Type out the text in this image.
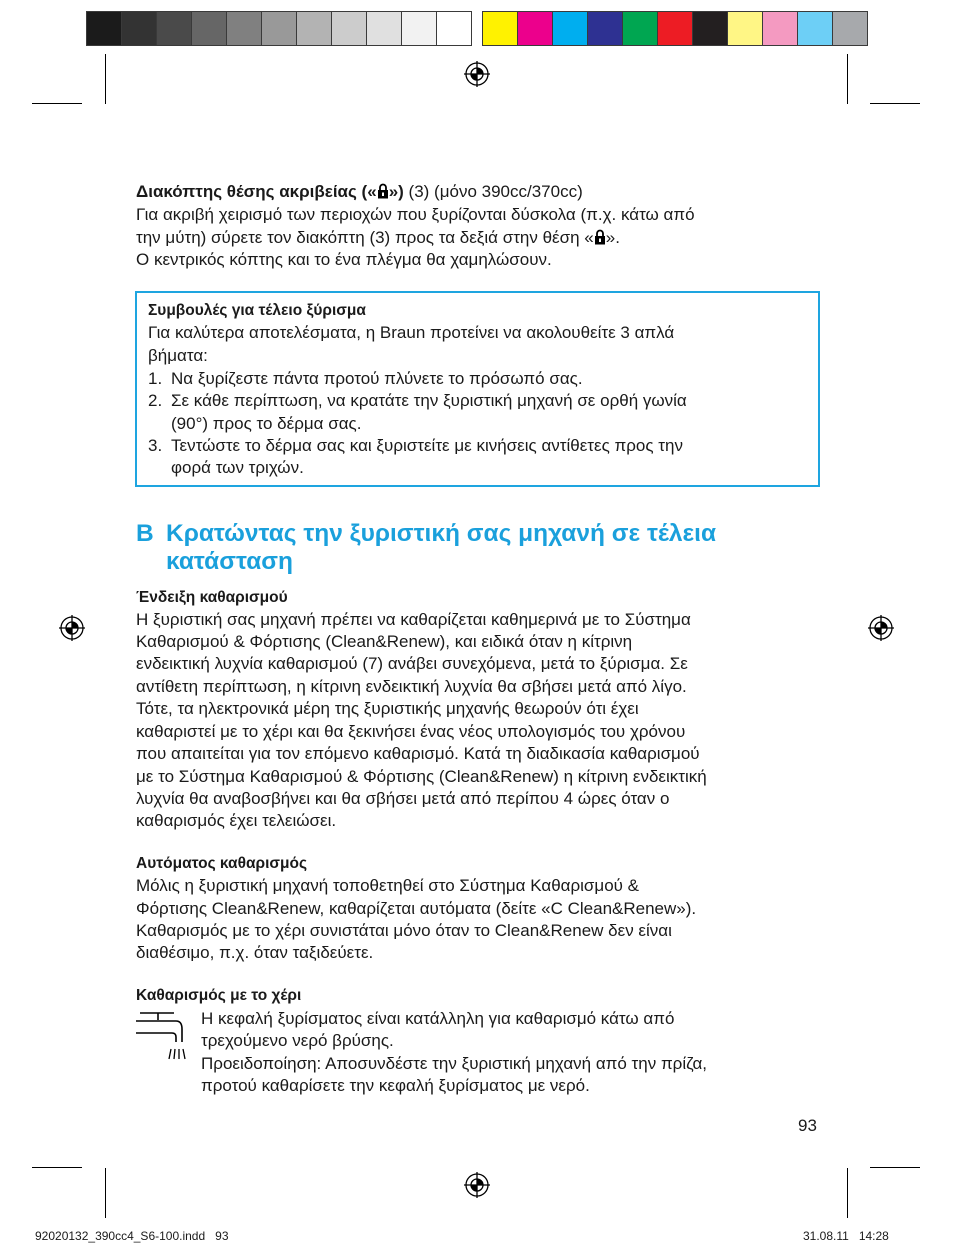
Διακόπτης θέσης ακριβείας (« ») (3) (μόνο 390cc/370cc)
Για ακριβή χειρισμό των περιοχών που ξυρίζονται δύσκολα (π.χ. κάτω από
την μύτη) σύρετε τον διακόπτη (3) προς τα δεξιά στην θέση « ».
Ο κεντρικός κόπτης και το ένα πλέγμα θα χαμηλώσουν.
Συμβουλές για τέλειο ξύρισμα
Για καλύτερα αποτελέσματα, η Braun προτείνει να ακολουθείτε 3 απλά
βήματα:
1. Να ξυρίζεστε πάντα προτού πλύνετε το πρόσωπό σας.
2. Σε κάθε περίπτωση, να κρατάτε την ξυριστική μηχανή σε ορθή γωνία
(90°) προς το δέρμα σας.
3. Τεντώστε το δέρμα σας και ξυριστείτε με κινήσεις αντίθετες προς την
φορά των τριχών.
B Κρατώντας την ξυριστική σας μηχανή σε τέλεια
κατάσταση
Ένδειξη καθαρισμού
Η ξυριστική σας μηχανή πρέπει να καθαρίζεται καθημερινά με το Σύστημα
Καθαρισμού & Φόρτισης (Clean&Renew), και ειδικά όταν η κίτρινη
ενδεικτική λυχνία καθαρισμού (7) ανάβει συνεχόμενα, μετά το ξύρισμα. Σε
αντίθετη περίπτωση, η κίτρινη ενδεικτική λυχνία θα σβήσει μετά από λίγο.
Τότε, τα ηλεκτρονικά μέρη της ξυριστικής μηχανής θεωρούν ότι έχει
καθαριστεί με το χέρι και θα ξεκινήσει ένας νέος υπολογισμός του χρόνου
που απαιτείται για τον επόμενο καθαρισμό. Κατά τη διαδικασία καθαρισμού
με το Σύστημα Καθαρισμού & Φόρτισης (Clean&Renew) η κίτρινη ενδεικτική
λυχνία θα αναβοσβήνει και θα σβήσει μετά από περίπου 4 ώρες όταν ο
καθαρισμός έχει τελειώσει.
Αυτόματος καθαρισμός
Μόλις η ξυριστική μηχανή τοποθετηθεί στο Σύστημα Καθαρισμού &
Φόρτισης Clean&Renew, καθαρίζεται αυτόματα (δείτε «C Clean&Renew»).
Καθαρισμός με το χέρι συνιστάται μόνο όταν το Clean&Renew δεν είναι
διαθέσιμο, π.χ. όταν ταξιδεύετε.
Καθαρισμός με το χέρι
Η κεφαλή ξυρίσματος είναι κατάλληλη για καθαρισμό κάτω από
τρεχούμενο νερό βρύσης.
Προειδοποίηση: Αποσυνδέστε την ξυριστική μηχανή από την πρίζα,
προτού καθαρίσετε την κεφαλή ξυρίσματος με νερό.
93
92020132_390cc4_S6-100.indd   93	31.08.11   14:28
